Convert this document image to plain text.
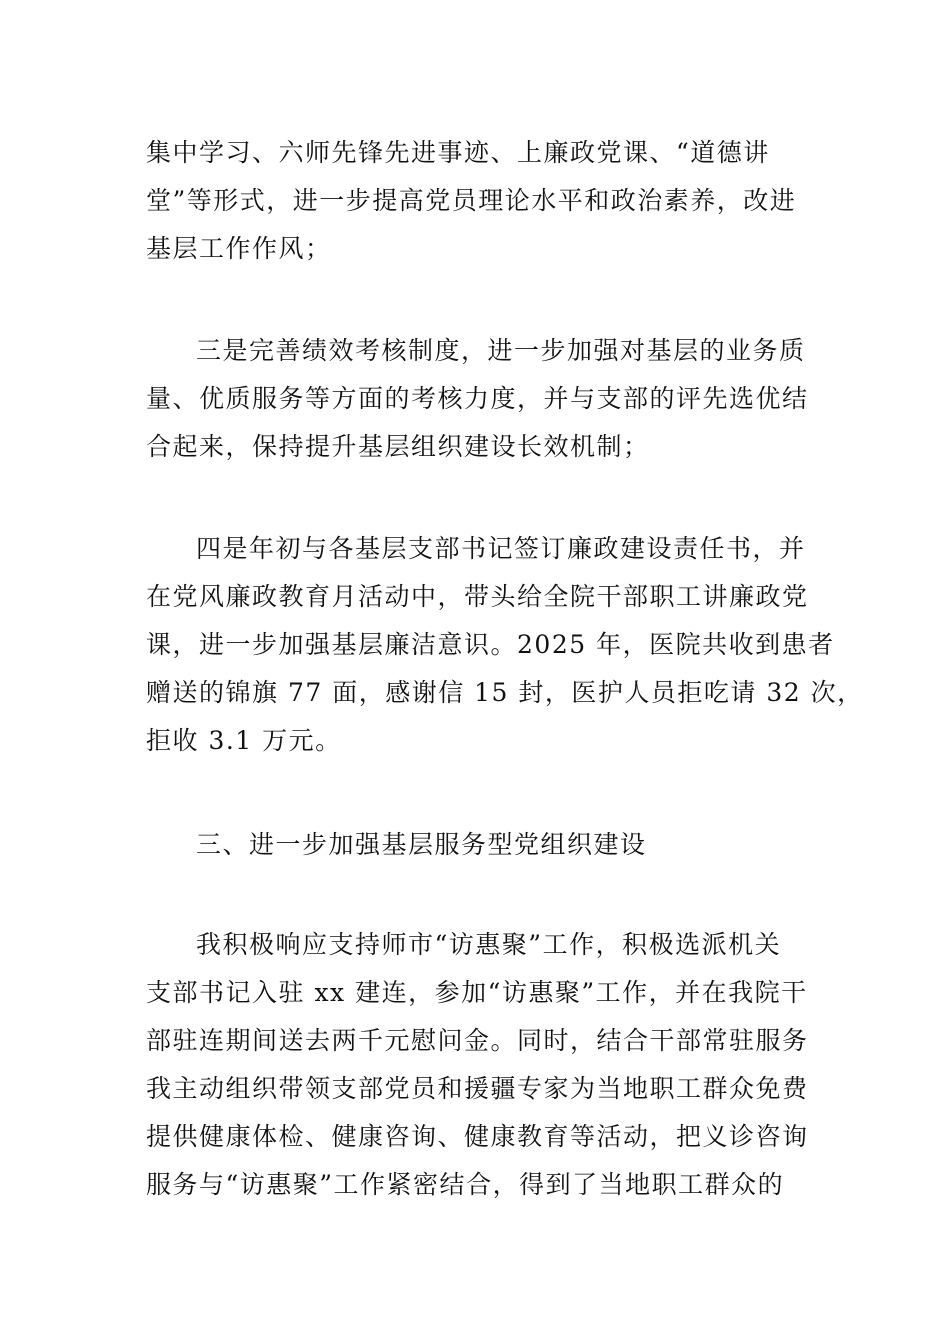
集中学习、六师先锋先进事迹、上廉政党课、“道德讲
堂”等形式，进一步提高党员理论水平和政治素养，改进
基层工作作风；
三是完善绩效考核制度，进一步加强对基层的业务质
量、优质服务等方面的考核力度，并与支部的评先选优结
合起来，保持提升基层组织建设长效机制；
四是年初与各基层支部书记签订廉政建设责任书，并
在党风廉政教育月活动中，带头给全院干部职工讲廉政党
课，进一步加强基层廉洁意识。2025 年，医院共收到患者
赠送的锦旗 77 面，感谢信 15 封，医护人员拒吃请 32 次，
拒收 3.1 万元。
三、进一步加强基层服务型党组织建设
我积极响应支持师市“访惠聚”工作，积极选派机关
支部书记入驻 xx 建连，参加“访惠聚”工作，并在我院干
部驻连期间送去两千元慰问金。同时，结合干部常驻服务
我主动组织带领支部党员和援疆专家为当地职工群众免费
提供健康体检、健康咨询、健康教育等活动，把义诊咨询
服务与“访惠聚”工作紧密结合，得到了当地职工群众的
